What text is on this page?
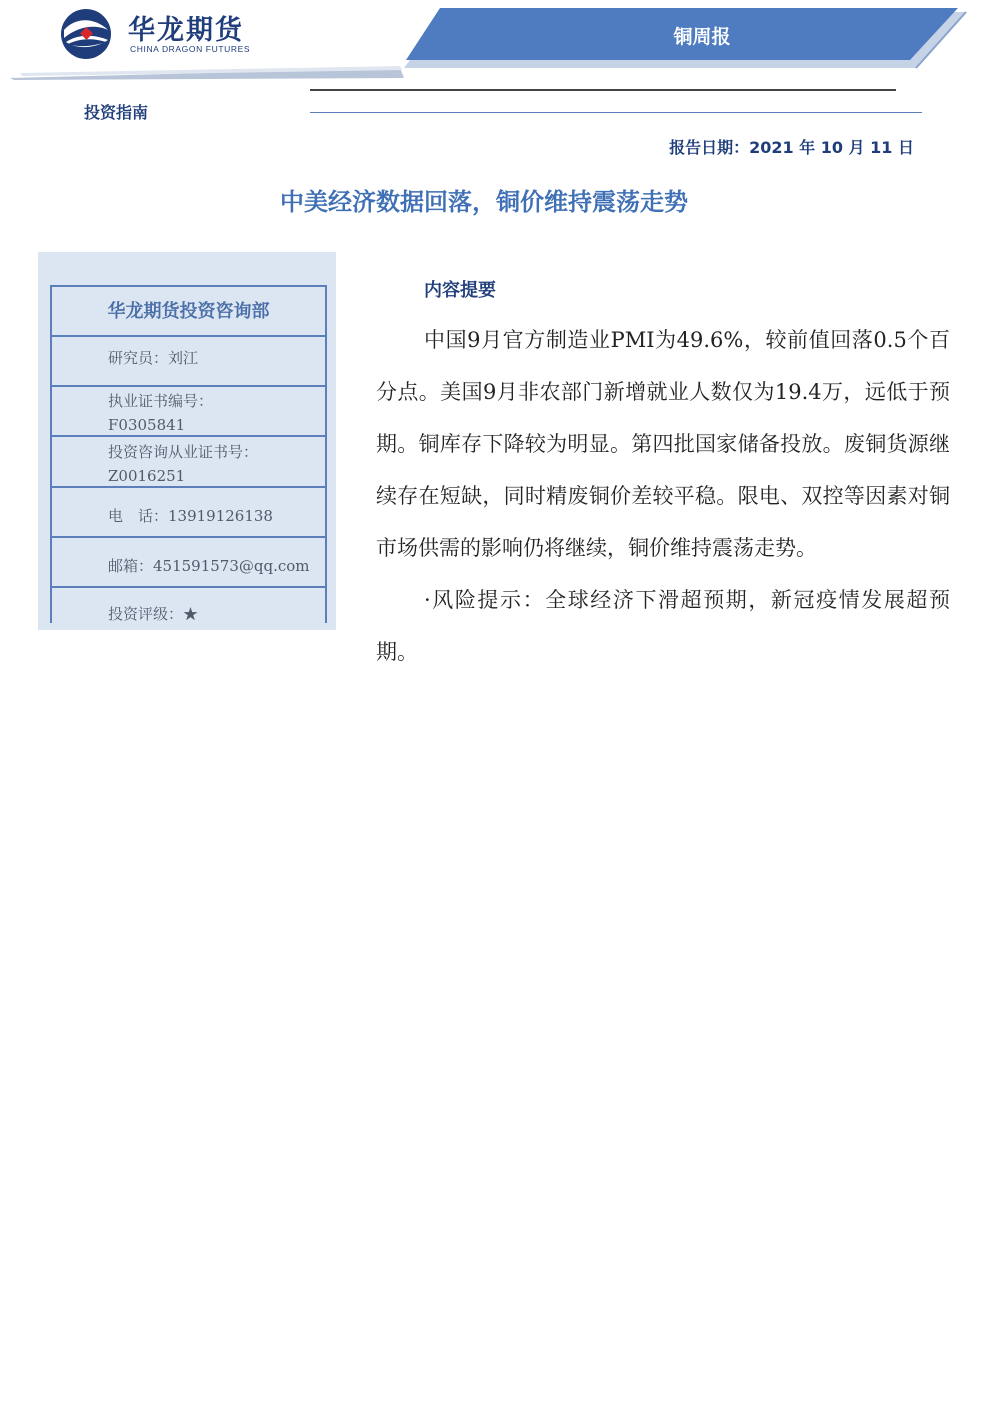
华龙期货
CHINA DRAGON FUTURES
铜周报
投资指南
报告日期：2021 年 10 月 11 日
中美经济数据回落，铜价维持震荡走势
华龙期货投资咨询部
研究员：刘江
执业证书编号：
F0305841
投资咨询从业证书号：
Z0016251
电　话：13919126138
邮箱：451591573@qq.com
投资评级：★
内容提要

中国9月官方制造业PMI为49.6%，较前值回落0.5个百分点。美国9月非农部门新增就业人数仅为19.4万，远低于预期。铜库存下降较为明显。第四批国家储备投放。废铜货源继续存在短缺，同时精废铜价差较平稳。限电、双控等因素对铜市场供需的影响仍将继续，铜价维持震荡走势。

·风险提示：全球经济下滑超预期，新冠疫情发展超预期。
